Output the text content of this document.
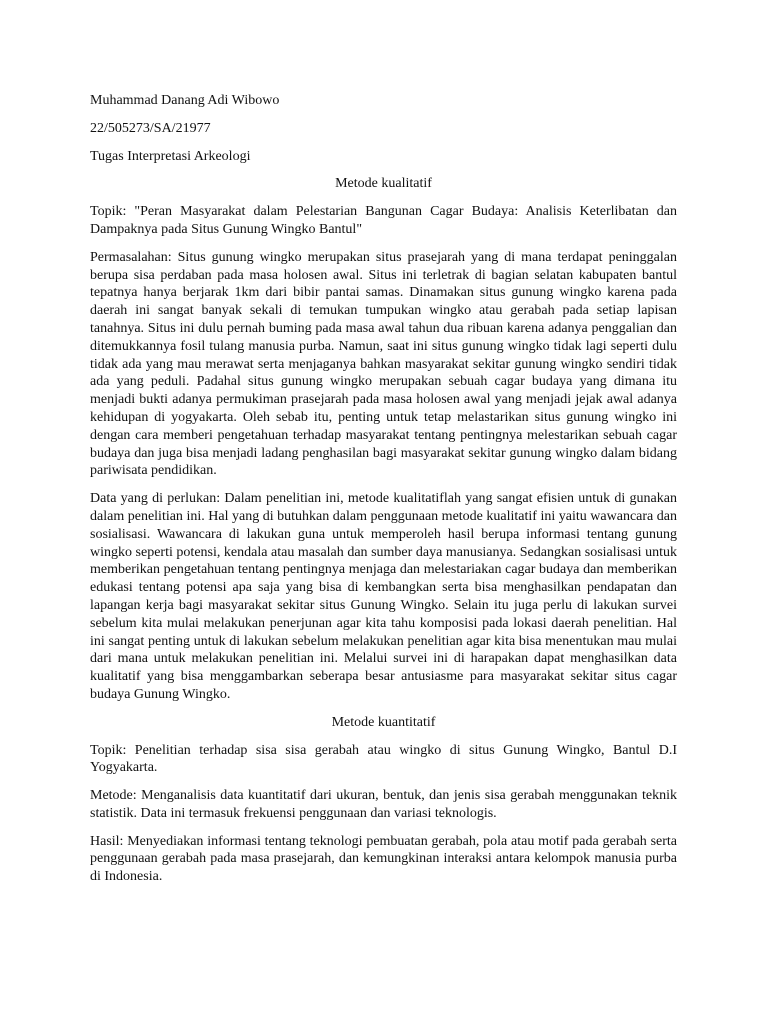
Muhammad Danang Adi Wibowo

22/505273/SA/21977

Tugas Interpretasi Arkeologi

Metode kualitatif

Topik: "Peran Masyarakat dalam Pelestarian Bangunan Cagar Budaya: Analisis Keterlibatan dan Dampaknya pada Situs Gunung Wingko Bantul"

Permasalahan: Situs gunung wingko merupakan situs prasejarah yang di mana terdapat peninggalan berupa sisa perdaban pada masa holosen awal. Situs ini terletrak di bagian selatan kabupaten bantul tepatnya hanya berjarak 1km dari bibir pantai samas. Dinamakan situs gunung wingko karena pada daerah ini sangat banyak sekali di temukan tumpukan wingko atau gerabah pada setiap lapisan tanahnya. Situs ini dulu pernah buming pada masa awal tahun dua ribuan karena adanya penggalian dan ditemukkannya fosil tulang manusia purba. Namun, saat ini situs gunung wingko tidak lagi seperti dulu tidak ada yang mau merawat serta menjaganya bahkan masyarakat sekitar gunung wingko sendiri tidak ada yang peduli. Padahal situs gunung wingko merupakan sebuah cagar budaya yang dimana itu menjadi bukti adanya permukiman prasejarah pada masa holosen awal yang menjadi jejak awal adanya kehidupan di yogyakarta. Oleh sebab itu, penting untuk tetap melastarikan situs gunung wingko ini dengan cara memberi pengetahuan terhadap masyarakat tentang pentingnya melestarikan sebuah cagar budaya dan juga bisa menjadi ladang penghasilan bagi masyarakat sekitar gunung wingko dalam bidang pariwisata pendidikan.

Data yang di perlukan: Dalam penelitian ini, metode kualitatiflah yang sangat efisien untuk di gunakan dalam penelitian ini. Hal yang di butuhkan dalam penggunaan metode kualitatif ini yaitu wawancara dan sosialisasi. Wawancara di lakukan guna untuk memperoleh hasil berupa informasi tentang gunung wingko seperti potensi, kendala atau masalah dan sumber daya manusianya. Sedangkan sosialisasi untuk memberikan pengetahuan tentang pentingnya menjaga dan melestariakan cagar budaya dan memberikan edukasi tentang potensi apa saja yang bisa di kembangkan serta bisa menghasilkan pendapatan dan lapangan kerja bagi masyarakat sekitar situs Gunung Wingko. Selain itu juga perlu di lakukan survei sebelum kita mulai melakukan penerjunan agar kita tahu komposisi pada lokasi daerah penelitian. Hal ini sangat penting untuk di lakukan sebelum melakukan penelitian agar kita bisa menentukan mau mulai dari mana untuk melakukan penelitian ini. Melalui survei ini di harapakan dapat menghasilkan data kualitatif yang bisa menggambarkan seberapa besar antusiasme para masyarakat sekitar situs cagar budaya Gunung Wingko.

Metode kuantitatif

Topik: Penelitian terhadap sisa sisa gerabah atau wingko di situs Gunung Wingko, Bantul D.I Yogyakarta.

Metode: Menganalisis data kuantitatif dari ukuran, bentuk, dan jenis sisa gerabah menggunakan teknik statistik. Data ini termasuk frekuensi penggunaan dan variasi teknologis.

Hasil: Menyediakan informasi tentang teknologi pembuatan gerabah, pola atau motif pada gerabah serta penggunaan gerabah pada masa prasejarah, dan kemungkinan interaksi antara kelompok manusia purba di Indonesia.
